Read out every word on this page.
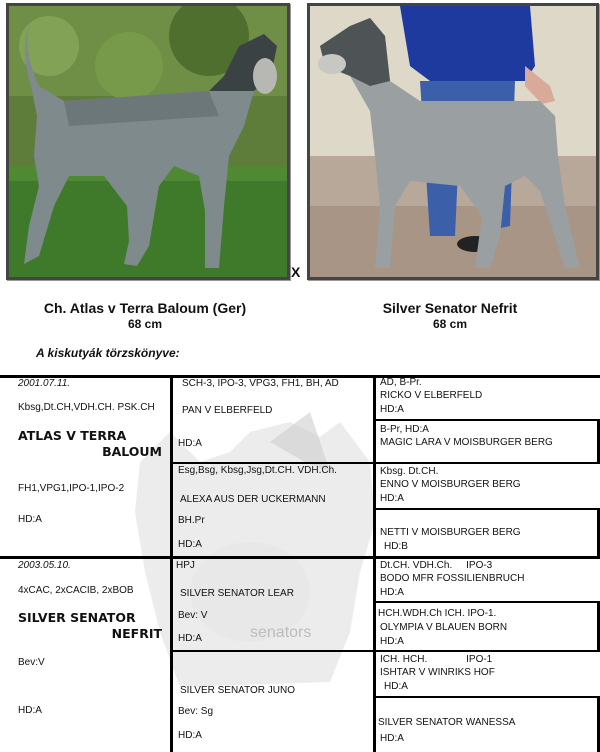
X
Ch. Atlas v Terra Baloum (Ger)
68 cm
Silver Senator Nefrit
68 cm
A kiskutyák törzskönyve:
senators
2001.07.11.
Kbsg,Dt.CH,VDH.CH. PSK.CH
ATLAS V TERRA
BALOUM
FH1,VPG1,IPO-1,IPO-2
HD:A
2003.05.10.
4xCAC, 2xCACIB, 2xBOB
SILVER SENATOR
NEFRIT
Bev:V
HD:A
SCH-3, IPO-3, VPG3, FH1, BH, AD
PAN V ELBERFELD
HD:A
Esg,Bsg, Kbsg,Jsg,Dt.CH. VDH.Ch.
ALEXA AUS DER UCKERMANN
BH.Pr
HD:A
HPJ
SILVER SENATOR LEAR
Bev: V
HD:A
SILVER SENATOR JUNO
Bev: Sg
HD:A
AD, B-Pr.
RICKO V ELBERFELD
HD:A
B-Pr, HD:A
MAGIC LARA V MOISBURGER BERG
Kbsg. Dt.CH.
ENNO V MOISBURGER BERG
HD:A
NETTI V MOISBURGER BERG
HD:B
Dt.CH. VDH.Ch.     IPO-3
BODO MFR FOSSILIENBRUCH
HD:A
HCH.WDH.Ch ICH. IPO-1.
OLYMPIA V BLAUEN BORN
HD:A
ICH. HCH.              IPO-1
ISHTAR V WINRIKS HOF
HD:A
SILVER SENATOR WANESSA
HD:A
